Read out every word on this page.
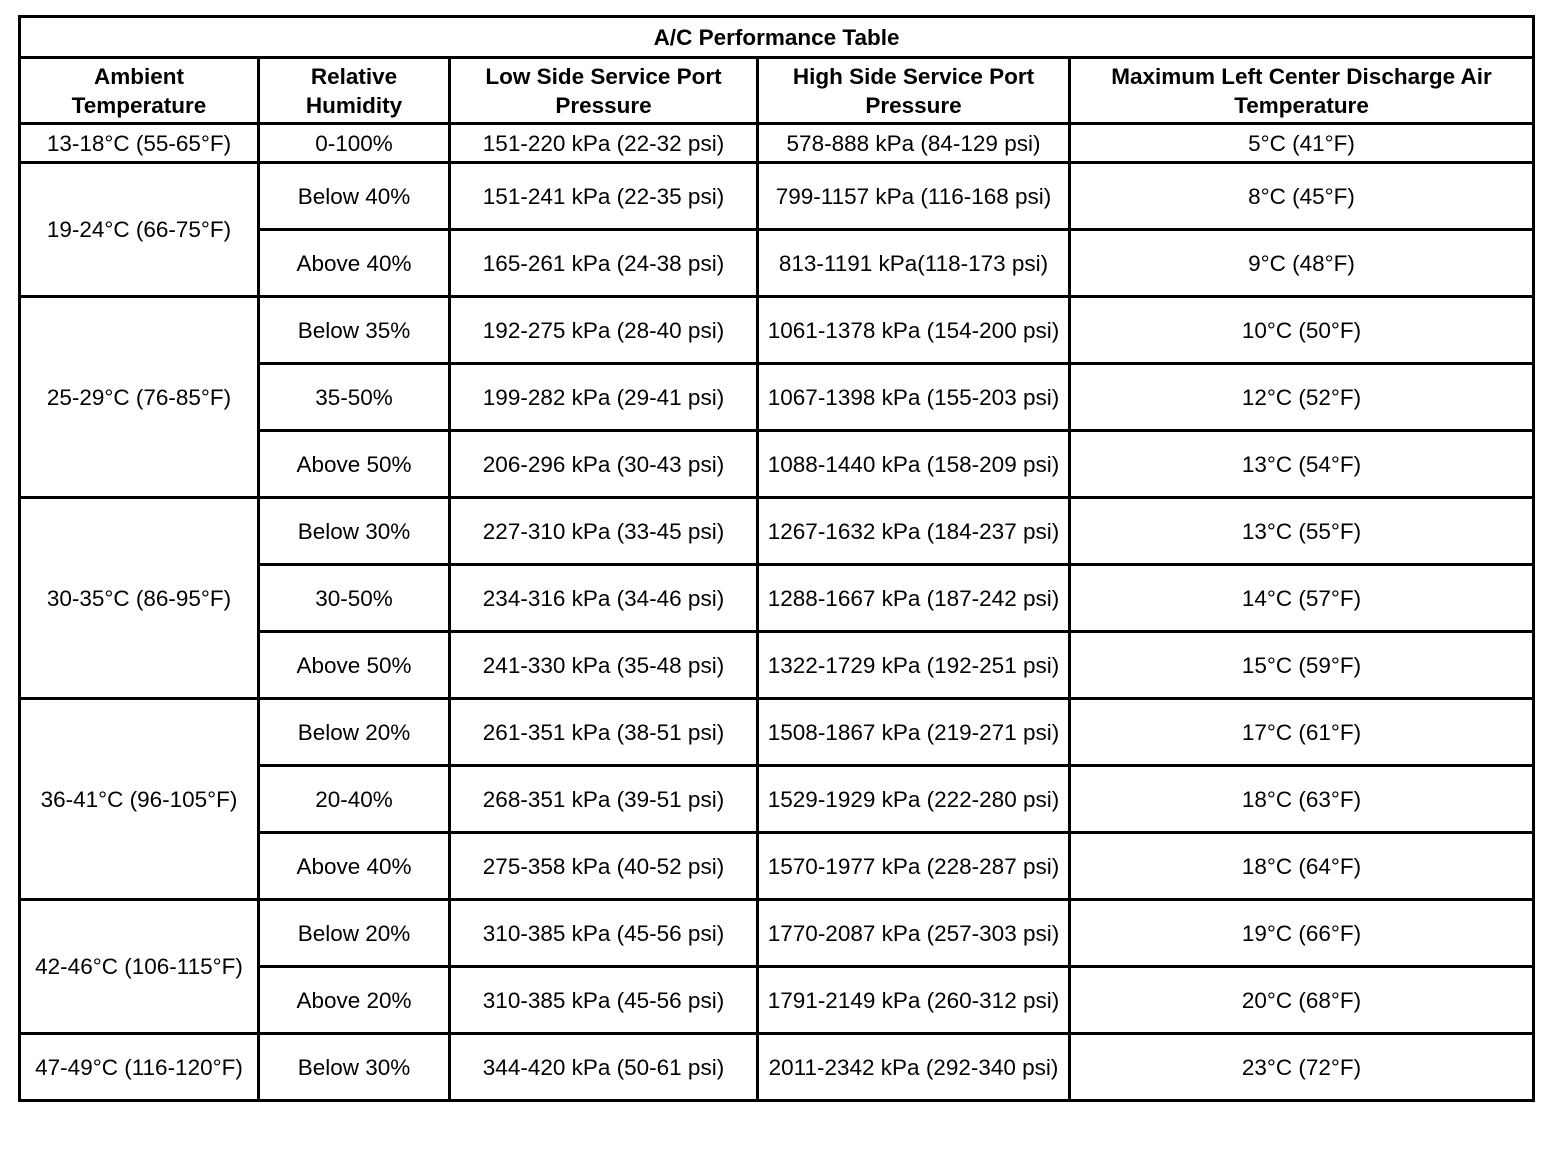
A/C Performance Table				
Ambient Temperature	Relative Humidity	Low Side Service Port Pressure	High Side Service Port Pressure	Maximum Left Center Discharge Air Temperature
13-18°C (55-65°F)	0-100%	151-220 kPa (22-32 psi)	578-888 kPa (84-129 psi)	5°C (41°F)
19-24°C (66-75°F)	Below 40%	151-241 kPa (22-35 psi)	799-1157 kPa (116-168 psi)	8°C (45°F)
	Above 40%	165-261 kPa (24-38 psi)	813-1191 kPa(118-173 psi)	9°C (48°F)
25-29°C (76-85°F)	Below 35%	192-275 kPa (28-40 psi)	1061-1378 kPa (154-200 psi)	10°C (50°F)
	35-50%	199-282 kPa (29-41 psi)	1067-1398 kPa (155-203 psi)	12°C (52°F)
	Above 50%	206-296 kPa (30-43 psi)	1088-1440 kPa (158-209 psi)	13°C (54°F)
30-35°C (86-95°F)	Below 30%	227-310 kPa (33-45 psi)	1267-1632 kPa (184-237 psi)	13°C (55°F)
	30-50%	234-316 kPa (34-46 psi)	1288-1667 kPa (187-242 psi)	14°C (57°F)
	Above 50%	241-330 kPa (35-48 psi)	1322-1729 kPa (192-251 psi)	15°C (59°F)
36-41°C (96-105°F)	Below 20%	261-351 kPa (38-51 psi)	1508-1867 kPa (219-271 psi)	17°C (61°F)
	20-40%	268-351 kPa (39-51 psi)	1529-1929 kPa (222-280 psi)	18°C (63°F)
	Above 40%	275-358 kPa (40-52 psi)	1570-1977 kPa (228-287 psi)	18°C (64°F)
42-46°C (106-115°F)	Below 20%	310-385 kPa (45-56 psi)	1770-2087 kPa (257-303 psi)	19°C (66°F)
	Above 20%	310-385 kPa (45-56 psi)	1791-2149 kPa (260-312 psi)	20°C (68°F)
47-49°C (116-120°F)	Below 30%	344-420 kPa (50-61 psi)	2011-2342 kPa (292-340 psi)	23°C (72°F)
